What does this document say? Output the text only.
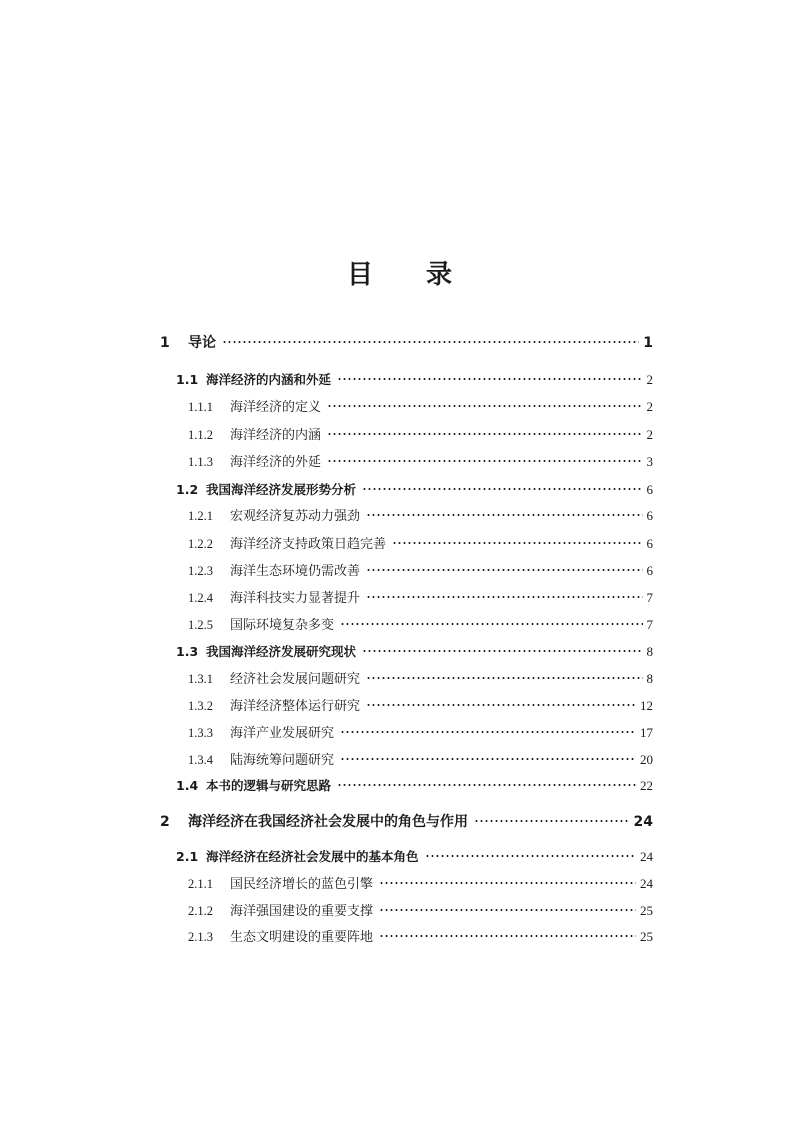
目 录
1	导论	1
1.1 海洋经济的内涵和外延	2
1.1.1	海洋经济的定义	2
1.1.2	海洋经济的内涵	2
1.1.3	海洋经济的外延	3
1.2 我国海洋经济发展形势分析	6
1.2.1	宏观经济复苏动力强劲	6
1.2.2	海洋经济支持政策日趋完善	6
1.2.3	海洋生态环境仍需改善	6
1.2.4	海洋科技实力显著提升	7
1.2.5	国际环境复杂多变	7
1.3 我国海洋经济发展研究现状	8
1.3.1	经济社会发展问题研究	8
1.3.2	海洋经济整体运行研究	12
1.3.3	海洋产业发展研究	17
1.3.4	陆海统筹问题研究	20
1.4 本书的逻辑与研究思路	22
2	海洋经济在我国经济社会发展中的角色与作用	24
2.1 海洋经济在经济社会发展中的基本角色	24
2.1.1	国民经济增长的蓝色引擎	24
2.1.2	海洋强国建设的重要支撑	25
2.1.3	生态文明建设的重要阵地	25
